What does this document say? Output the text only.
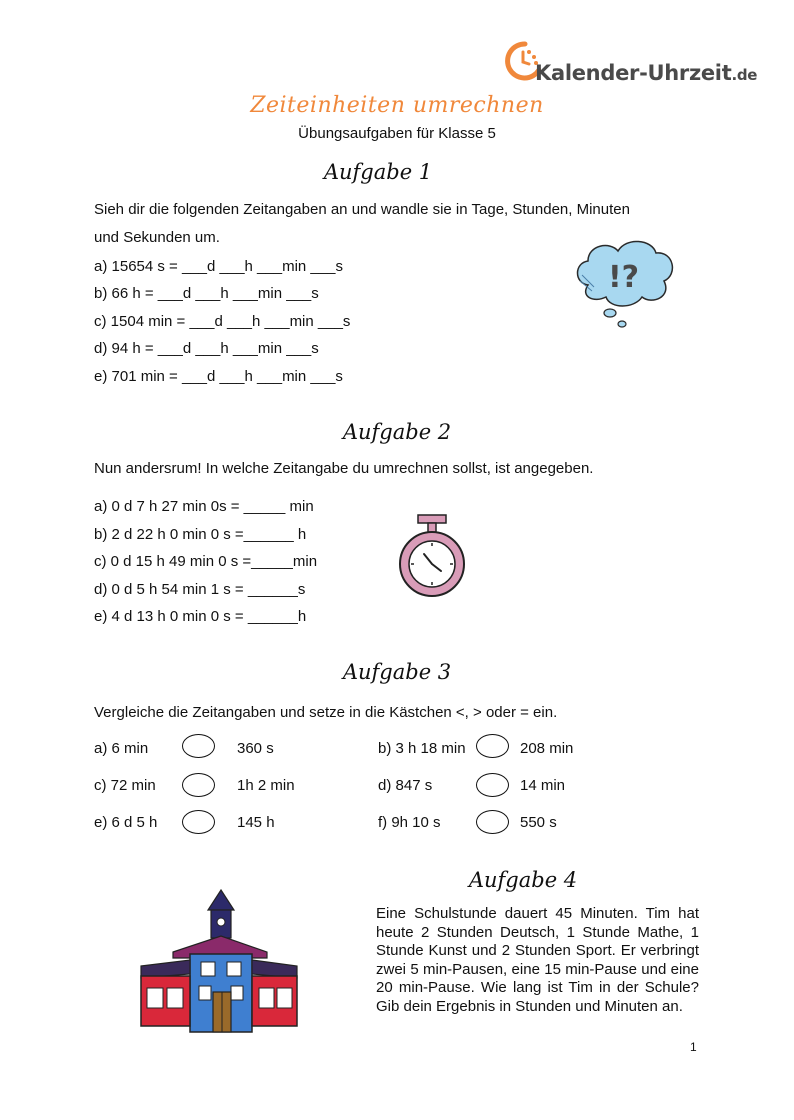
Kalender-Uhrzeit.de
Zeiteinheiten umrechnen
Übungsaufgaben für Klasse 5
Aufgabe 1
Sieh dir die folgenden Zeitangaben an und wandle sie in Tage, Stunden, Minuten
und Sekunden um.
a) 15654 s = ___d ___h ___min ___s
b) 66 h = ___d ___h ___min ___s
c) 1504 min = ___d ___h ___min ___s
d) 94 h = ___d ___h ___min ___s
e) 701 min = ___d ___h ___min ___s
!?
Aufgabe 2
Nun andersrum! In welche Zeitangabe du umrechnen sollst, ist angegeben.
a) 0 d 7 h 27 min 0s = _____ min
b) 2 d 22 h 0 min 0 s =______ h
c) 0 d 15 h 49 min 0 s =_____min
d) 0 d 5 h 54 min 1 s = ______s
e) 4 d 13 h 0 min 0 s = ______h
Aufgabe 3
Vergleiche die Zeitangaben und setze in die Kästchen <, > oder = ein.
a) 6 min	360 s	b) 3 h 18 min	208 min
c) 72 min	1h 2 min	d) 847 s	14 min
e) 6 d 5 h	145 h	f) 9h 10 s	550 s
Aufgabe 4
Eine Schulstunde dauert 45 Minuten. Tim hat heute 2 Stunden Deutsch, 1 Stunde Mathe, 1 Stunde Kunst und 2 Stunden Sport. Er verbringt zwei 5 min-Pausen, eine 15 min-Pause und eine 20 min-Pause. Wie lang ist Tim in der Schule? Gib dein Ergebnis in Stunden und Minuten an.
1
